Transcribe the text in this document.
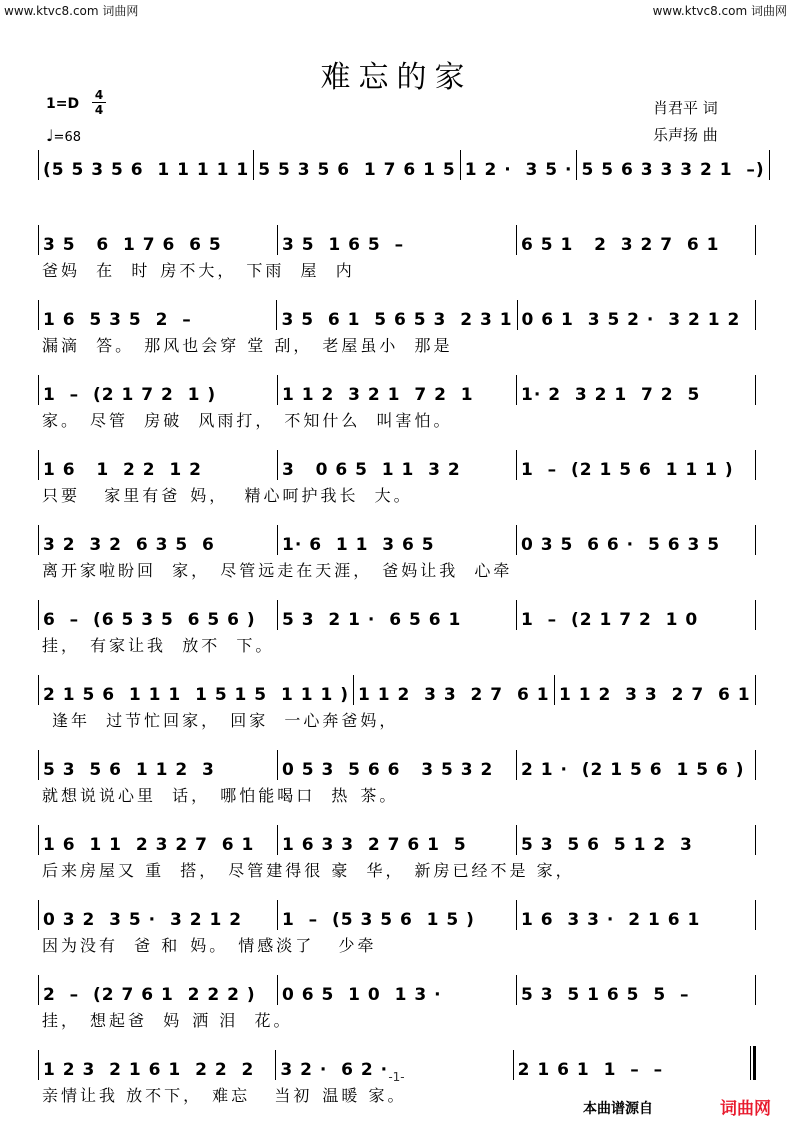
www.ktvc8.com 词曲网	www.ktvc8.com 词曲网
难忘的家
1=D
4
4
♩=68
肖君平 词
乐声扬 曲
(5 5 3 5 6  1 1 1 1 1 5 5 3 5 6  1 7 6 1 5 1 2 ·  3 5 · 5 5 6 3 3 3 2 1  –)
3 5   6  1 7 6  6 5	3 5  1 6 5  –	6 5 1   2  3 2 7  6 1
爸妈  在  时 房不大， 下雨  屋  内
1 6  5 3 5  2  –	3 5  6 1  5 6 5 3  2 3 1 0 6 1  3 5 2 ·  3 2 1 2
漏滴  答。 那风也会穿 堂 刮， 老屋虽小  那是
1  –  (2 1 7 2  1 )	1 1 2  3 2 1  7 2  1	1· 2  3 2 1  7 2  5
家。 尽管  房破  风雨打， 不知什么  叫害怕。
1 6   1  2 2  1 2	3   0 6 5  1 1  3 2	1  –  (2 1 5 6  1 1 1 )
只要   家里有爸 妈，  精心呵护我长  大。
3 2  3 2  6 3 5  6	1· 6  1 1  3 6 5	0 3 5  6 6 ·  5 6 3 5
离开家啦盼回  家， 尽管远走在天涯， 爸妈让我  心牵
6  –  (6 5 3 5  6 5 6 )	5 3  2 1 ·  6 5 6 1	1  –  (2 1 7 2  1 0
挂， 有家让我  放不  下。
2 1 5 6  1 1 1  1 5 1 5  1 1 1 ) 1 1 2  3 3  2 7  6 1 1 1 2  3 3  2 7  6 1
逢年  过节忙回家， 回家  一心奔爸妈，
5 3  5 6  1 1 2  3	0 5 3  5 6 6   3 5 3 2	2 1 ·  (2 1 5 6  1 5 6 )
就想说说心里  话， 哪怕能喝口  热 茶。
1 6  1 1  2 3 2 7  6 1	1 6 3 3  2 7 6 1  5	5 3  5 6  5 1 2  3
后来房屋又 重  搭， 尽管建得很 豪  华， 新房已经不是 家，
0 3 2  3 5 ·  3 2 1 2	1  –  (5 3 5 6  1 5 )	1 6  3 3 ·  2 1 6 1
因为没有  爸 和 妈。 情感淡了   少牵
2  –  (2 7 6 1  2 2 2 )	0 6 5  1 0  1 3 ·	5 3  5 1 6 5  5  –
挂， 想起爸  妈 洒 泪  花。
1 2 3  2 1 6 1  2 2  2	3 2 ·  6 2 ·	2 1 6 1  1  –  –
亲情让我 放不下， 难忘   当初 温暖 家。
-1-
本曲谱源自	词曲网
